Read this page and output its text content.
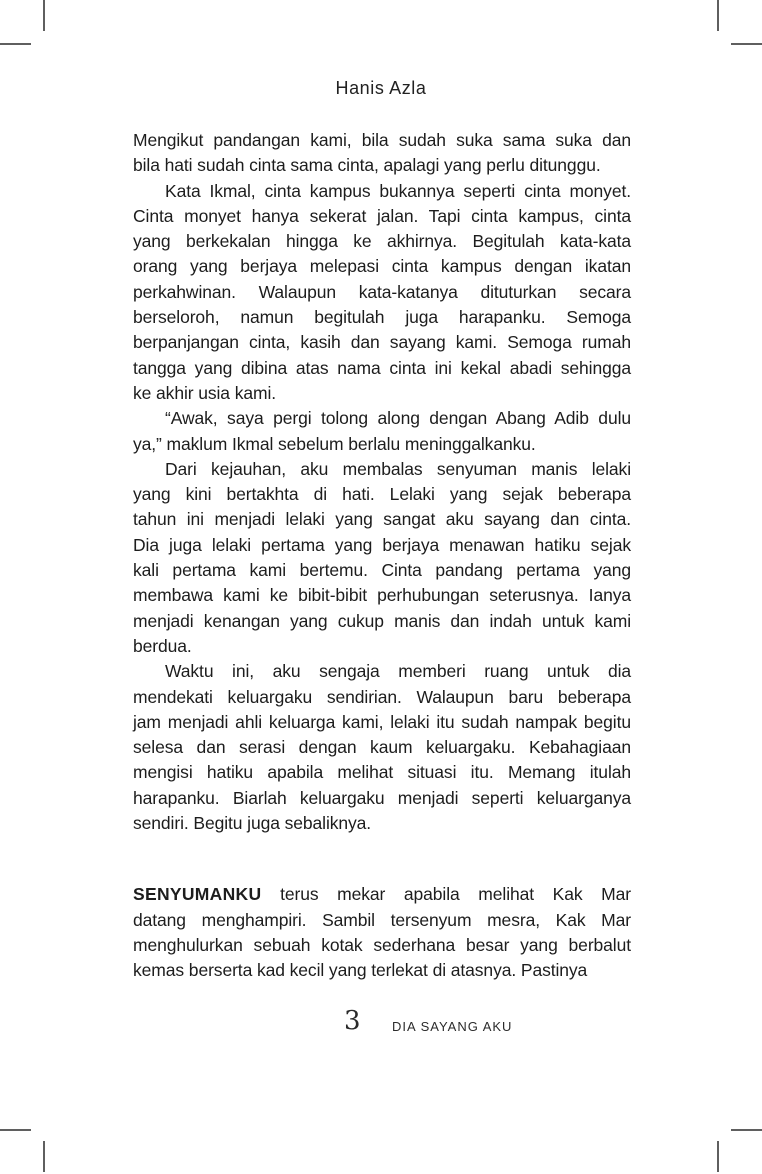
Hanis Azla
Mengikut pandangan kami, bila sudah suka sama suka dan
bila hati sudah cinta sama cinta, apalagi yang perlu ditunggu.
Kata Ikmal, cinta kampus bukannya seperti cinta monyet.
Cinta monyet hanya sekerat jalan. Tapi cinta kampus, cinta
yang berkekalan hingga ke akhirnya. Begitulah kata-kata
orang yang berjaya melepasi cinta kampus dengan ikatan
perkahwinan. Walaupun kata-katanya dituturkan secara
berseloroh, namun begitulah juga harapanku. Semoga
berpanjangan cinta, kasih dan sayang kami. Semoga rumah
tangga yang dibina atas nama cinta ini kekal abadi sehingga
ke akhir usia kami.
“Awak, saya pergi tolong along dengan Abang Adib dulu
ya,” maklum Ikmal sebelum berlalu meninggalkanku.
Dari kejauhan, aku membalas senyuman manis lelaki
yang kini bertakhta di hati. Lelaki yang sejak beberapa
tahun ini menjadi lelaki yang sangat aku sayang dan cinta.
Dia juga lelaki pertama yang berjaya menawan hatiku sejak
kali pertama kami bertemu. Cinta pandang pertama yang
membawa kami ke bibit-bibit perhubungan seterusnya. Ianya
menjadi kenangan yang cukup manis dan indah untuk kami
berdua.
Waktu ini, aku sengaja memberi ruang untuk dia
mendekati keluargaku sendirian. Walaupun baru beberapa
jam menjadi ahli keluarga kami, lelaki itu sudah nampak begitu
selesa dan serasi dengan kaum keluargaku. Kebahagiaan
mengisi hatiku apabila melihat situasi itu. Memang itulah
harapanku. Biarlah keluargaku menjadi seperti keluarganya
sendiri. Begitu juga sebaliknya.
SENYUMANKU terus mekar apabila melihat Kak Mar
datang menghampiri. Sambil tersenyum mesra, Kak Mar
menghulurkan sebuah kotak sederhana besar yang berbalut
kemas berserta kad kecil yang terlekat di atasnya. Pastinya
3 DIA SAYANG AKU
